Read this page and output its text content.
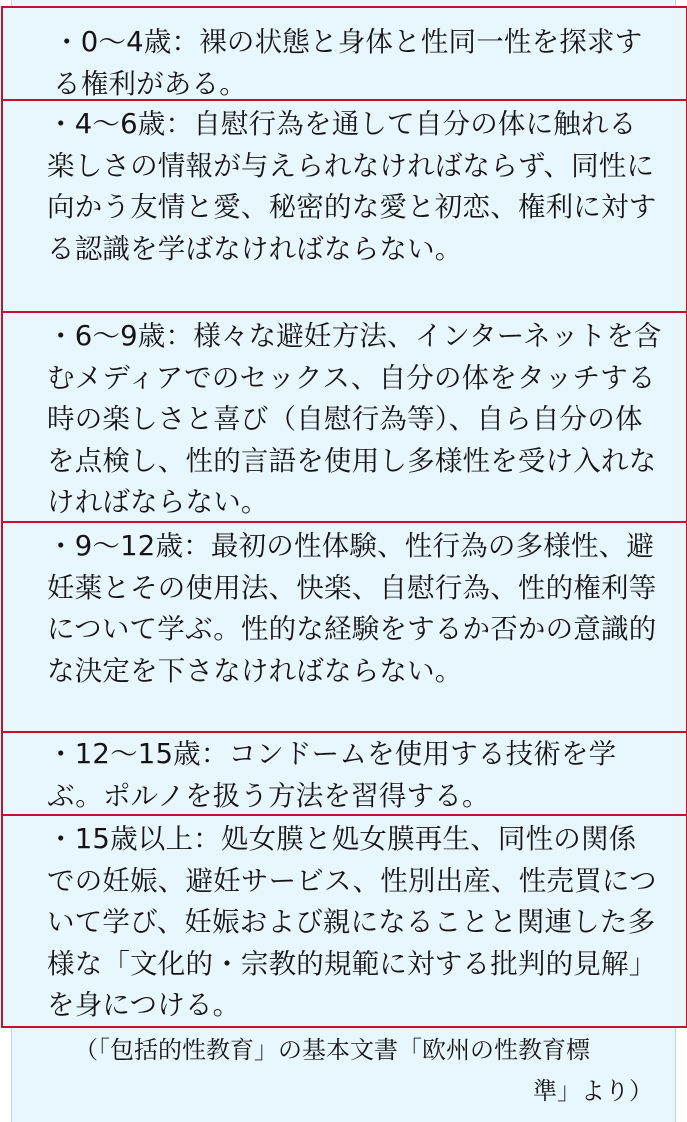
・0〜4歳：裸の状態と身体と性同一性を探求する権利がある。
・4〜6歳：自慰行為を通して自分の体に触れる楽しさの情報が与えられなければならず、同性に向かう友情と愛、秘密的な愛と初恋、権利に対する認識を学ばなければならない。
・6〜9歳：様々な避妊方法、インターネットを含むメディアでのセックス、自分の体をタッチする時の楽しさと喜び（自慰行為等）、自ら自分の体を点検し、性的言語を使用し多様性を受け入れなければならない。
・9〜12歳：最初の性体験、性行為の多様性、避妊薬とその使用法、快楽、自慰行為、性的権利等について学ぶ。性的な経験をするか否かの意識的な決定を下さなければならない。
・12〜15歳：コンドームを使用する技術を学ぶ。ポルノを扱う方法を習得する。
・15歳以上：処女膜と処女膜再生、同性の関係での妊娠、避妊サービス、性別出産、性売買について学び、妊娠および親になることと関連した多様な「文化的・宗教的規範に対する批判的見解」を身につける。
（「包括的性教育」の基本文書「欧州の性教育標
準」より）
